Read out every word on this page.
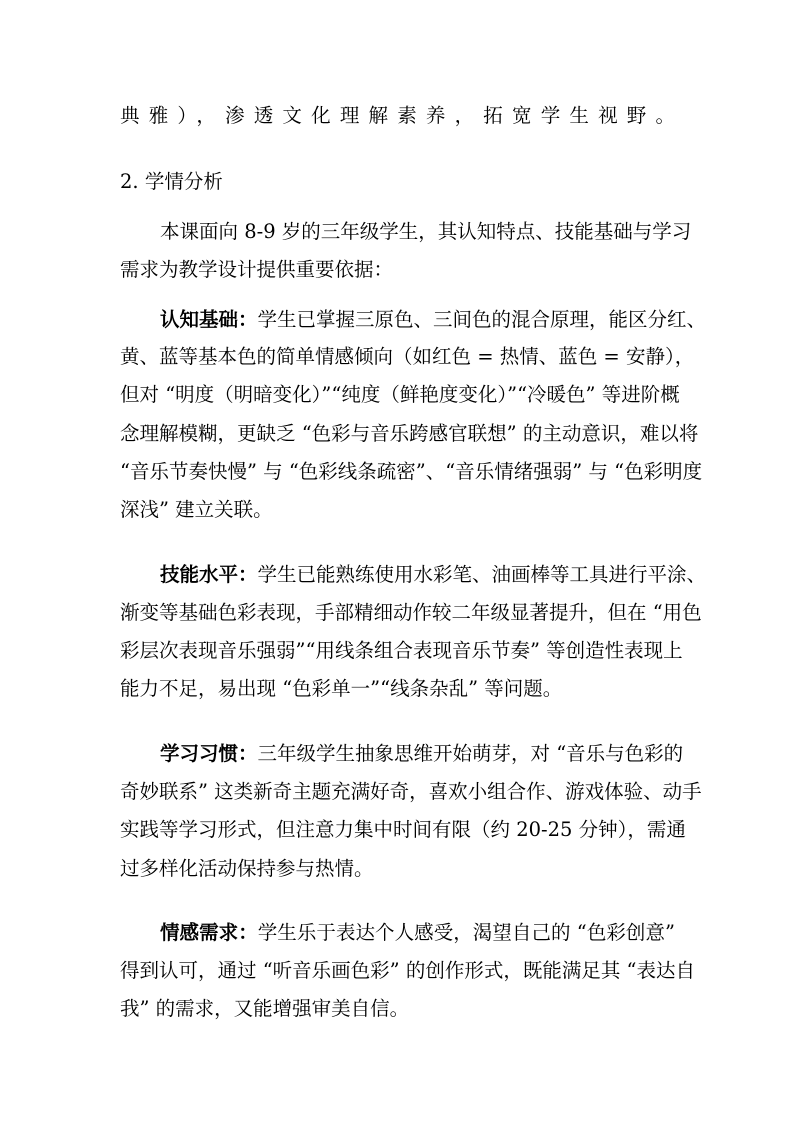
典雅），渗透文化理解素养，拓宽学生视野。
2. 学情分析
本课面向 8-9 岁的三年级学生，其认知特点、技能基础与学习
需求为教学设计提供重要依据：
认知基础：学生已掌握三原色、三间色的混合原理，能区分红、
黄、蓝等基本色的简单情感倾向（如红色 = 热情、蓝色 = 安静），
但对 “明度（明暗变化）”“纯度（鲜艳度变化）”“冷暖色” 等进阶概
念理解模糊，更缺乏 “色彩与音乐跨感官联想” 的主动意识，难以将
“音乐节奏快慢” 与 “色彩线条疏密”、“音乐情绪强弱” 与 “色彩明度
深浅” 建立关联。
技能水平：学生已能熟练使用水彩笔、油画棒等工具进行平涂、
渐变等基础色彩表现，手部精细动作较二年级显著提升，但在 “用色
彩层次表现音乐强弱”“用线条组合表现音乐节奏” 等创造性表现上
能力不足，易出现 “色彩单一”“线条杂乱” 等问题。
学习习惯：三年级学生抽象思维开始萌芽，对 “音乐与色彩的
奇妙联系” 这类新奇主题充满好奇，喜欢小组合作、游戏体验、动手
实践等学习形式，但注意力集中时间有限（约 20-25 分钟），需通
过多样化活动保持参与热情。
情感需求：学生乐于表达个人感受，渴望自己的 “色彩创意”
得到认可，通过 “听音乐画色彩” 的创作形式，既能满足其 “表达自
我” 的需求，又能增强审美自信。
